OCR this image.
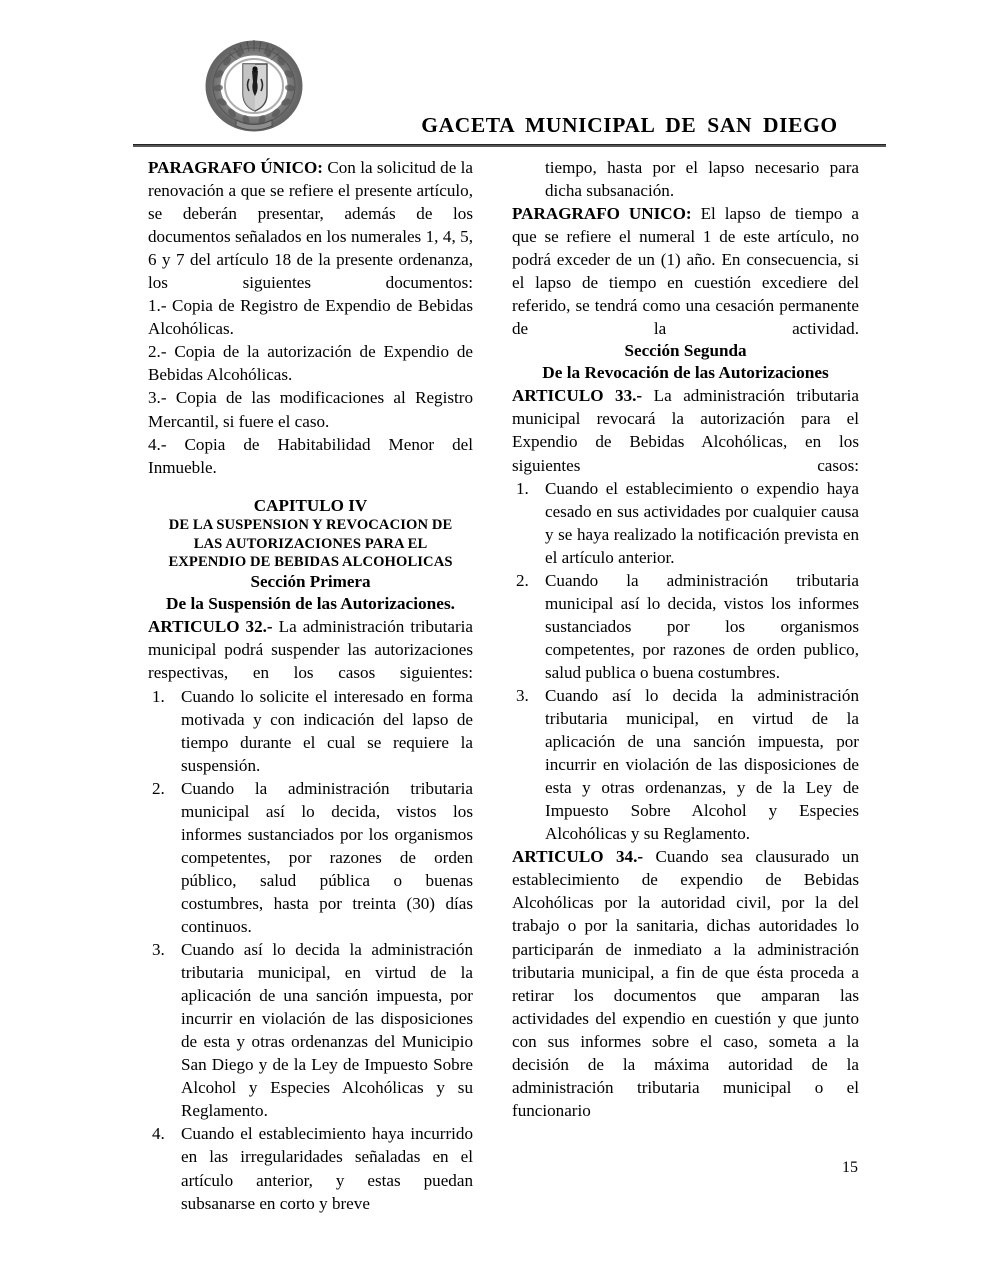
GACETA MUNICIPAL DE SAN DIEGO

PARAGRAFO ÚNICO: Con la solicitud de la renovación a que se refiere el presente artículo, se deberán presentar, además de los documentos señalados en los numerales 1, 4, 5, 6 y 7 del artículo 18 de la presente ordenanza, los siguientes documentos:

1.- Copia de Registro de Expendio de Bebidas Alcohólicas.

2.- Copia de la autorización de Expendio de Bebidas Alcohólicas.

3.- Copia de las modificaciones al Registro Mercantil, si fuere el caso.

4.- Copia de Habitabilidad Menor del Inmueble.

CAPITULO IV

DE LA SUSPENSION Y REVOCACION DE

LAS AUTORIZACIONES PARA EL

EXPENDIO DE BEBIDAS ALCOHOLICAS

Sección Primera

De la Suspensión de las Autorizaciones.

ARTICULO 32.- La administración tributaria municipal podrá suspender las autorizaciones respectivas, en los casos siguientes:

1. Cuando lo solicite el interesado en forma motivada y con indicación del lapso de tiempo durante el cual se requiere la suspensión.
2. Cuando la administración tributaria municipal así lo decida, vistos los informes sustanciados por los organismos competentes, por razones de orden público, salud pública o buenas costumbres, hasta por treinta (30) días continuos.
3. Cuando así lo decida la administración tributaria municipal, en virtud de la aplicación de una sanción impuesta, por incurrir en violación de las disposiciones de esta y otras ordenanzas del Municipio San Diego y de la Ley de Impuesto Sobre Alcohol y Especies Alcohólicas y su Reglamento.
4. Cuando el establecimiento haya incurrido en las irregularidades señaladas en el artículo anterior, y estas puedan subsanarse en corto y breve

tiempo, hasta por el lapso necesario para dicha subsanación.

PARAGRAFO UNICO: El lapso de tiempo a que se refiere el numeral 1 de este artículo, no podrá exceder de un (1) año. En consecuencia, si el lapso de tiempo en cuestión excediere del referido, se tendrá como una cesación permanente de la actividad.

Sección Segunda

De la Revocación de las Autorizaciones

ARTICULO 33.- La administración tributaria municipal revocará la autorización para el Expendio de Bebidas Alcohólicas, en los siguientes casos:

1. Cuando el establecimiento o expendio haya cesado en sus actividades por cualquier causa y se haya realizado la notificación prevista en el artículo anterior.
2. Cuando la administración tributaria municipal así lo decida, vistos los informes sustanciados por los organismos competentes, por razones de orden publico, salud publica o buena costumbres.
3. Cuando así lo decida la administración tributaria municipal, en virtud de la aplicación de una sanción impuesta, por incurrir en violación de las disposiciones de esta y otras ordenanzas, y de la Ley de Impuesto Sobre Alcohol y Especies Alcohólicas y su Reglamento.

ARTICULO 34.- Cuando sea clausurado un establecimiento de expendio de Bebidas Alcohólicas por la autoridad civil, por la del trabajo o por la sanitaria, dichas autoridades lo participarán de inmediato a la administración tributaria municipal, a fin de que ésta proceda a retirar los documentos que amparan las actividades del expendio en cuestión y que junto con sus informes sobre el caso, someta a la decisión de la máxima autoridad de la administración tributaria municipal o el funcionario

15
